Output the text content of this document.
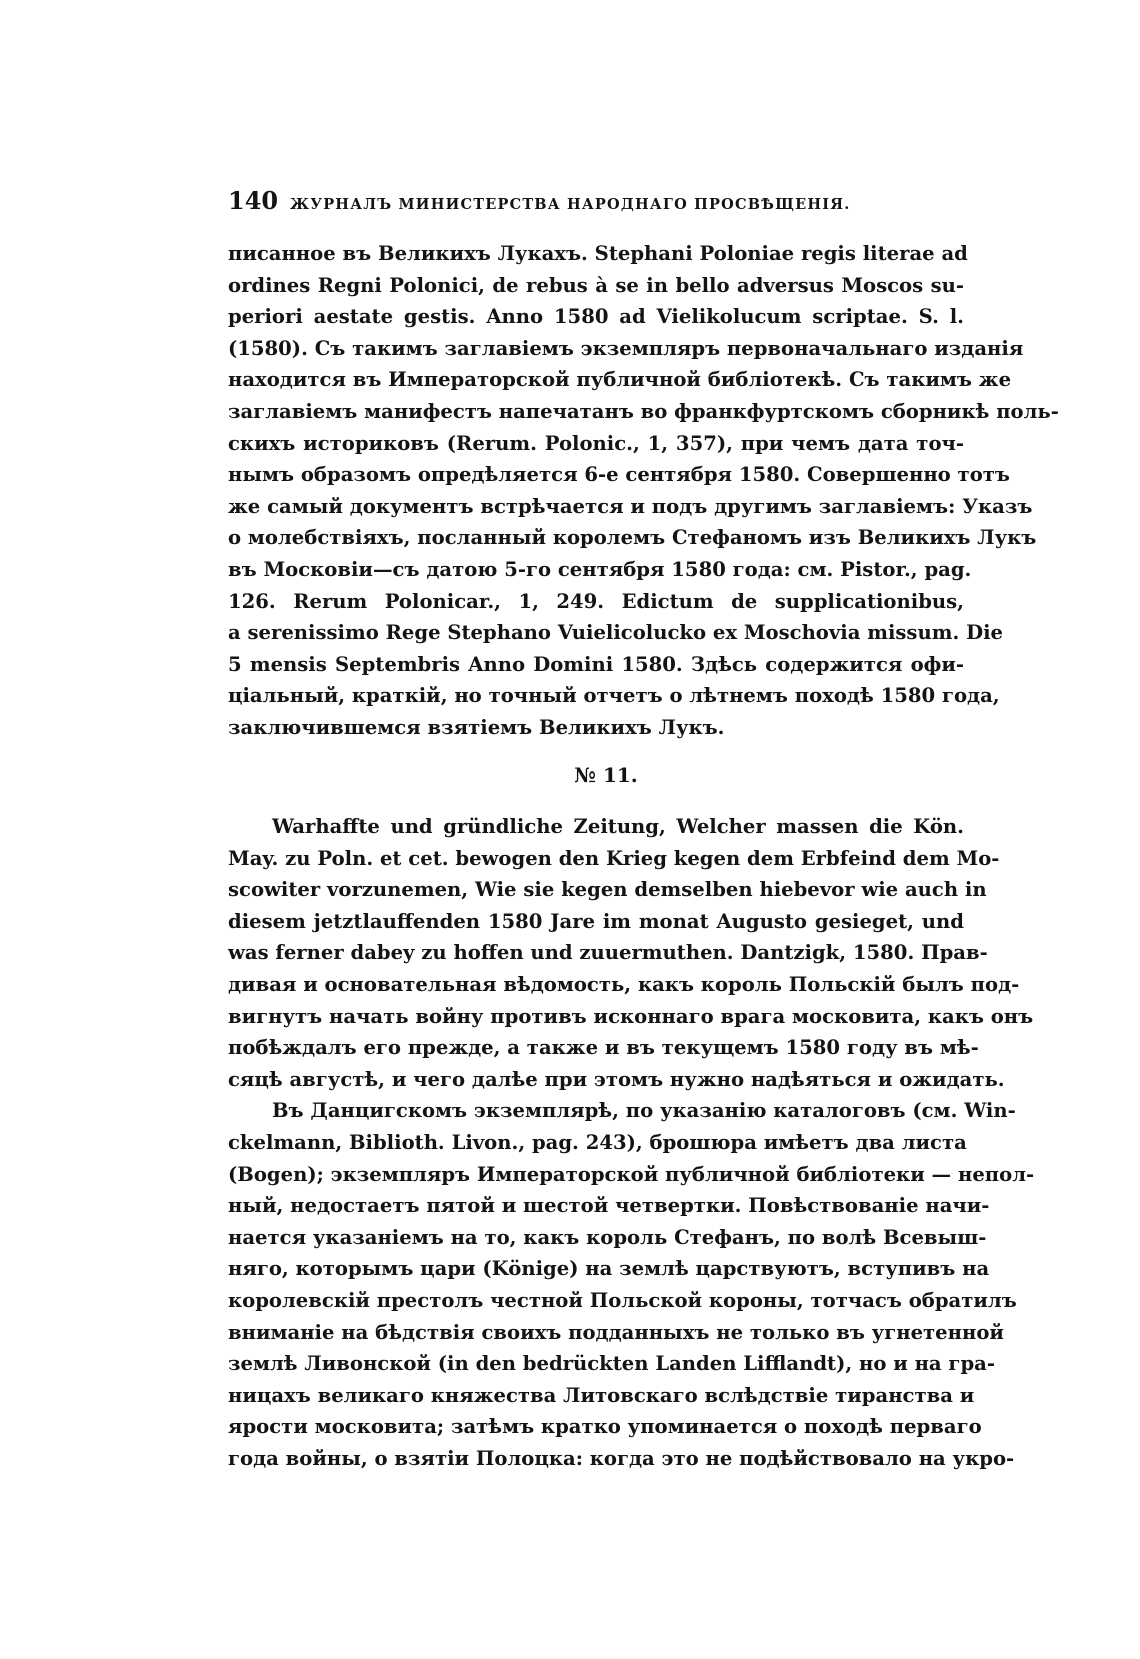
140 ЖУРНАЛЪ МИНИСТЕРСТВА НАРОДНАГО ПРОСВѢЩЕНІЯ.
писанное въ Великихъ Лукахъ. Stephani Poloniae regis literae ad
ordines Regni Polonici, de rebus à se in bello adversus Moscos su-
periori aestate gestis. Anno 1580 ad Vielikolucum scriptae. S. l.
(1580). Съ такимъ заглавіемъ экземпляръ первоначальнаго изданія
находится въ Императорской публичной библіотекѣ. Съ такимъ же
заглавіемъ манифестъ напечатанъ во франкфуртскомъ сборникѣ поль-
скихъ историковъ (Rerum. Polonic., 1, 357), при чемъ дата точ-
нымъ образомъ опредѣляется 6-е сентября 1580. Совершенно тотъ
же самый документъ встрѣчается и подъ другимъ заглавіемъ: Указъ
о молебствіяхъ, посланный королемъ Стефаномъ изъ Великихъ Лукъ
въ Московіи—съ датою 5-го сентября 1580 года: см. Pistor., pag.
126. Rerum Polonicar., 1, 249. Edictum de supplicationibus,
a serenissimo Rege Stephano Vuielicolucko ex Moschovia missum. Die
5 mensis Septembris Anno Domini 1580. Здѣсь содержится офи-
ціальный, краткій, но точный отчетъ о лѣтнемъ походѣ 1580 года,
заключившемся взятіемъ Великихъ Лукъ.
№ 11.
Warhaffte und gründliche Zeitung, Welcher massen die Kön.
May. zu Poln. et cet. bewogen den Krieg kegen dem Erbfeind dem Mo-
scowiter vorzunemen, Wie sie kegen demselben hiebevor wie auch in
diesem jetztlauffenden 1580 Jare im monat Augusto gesieget, und
was ferner dabey zu hoffen und zuuermuthen. Dantzigk, 1580. Прав-
дивая и основательная вѣдомость, какъ король Польскій былъ под-
вигнутъ начать войну противъ исконнаго врага московита, какъ онъ
побѣждалъ его прежде, а также и въ текущемъ 1580 году въ мѣ-
сяцѣ августѣ, и чего далѣе при этомъ нужно надѣяться и ожидать.
Въ Данцигскомъ экземплярѣ, по указанію каталоговъ (см. Win-
ckelmann, Biblioth. Livon., pag. 243), брошюра имѣетъ два листа
(Bogen); экземпляръ Императорской публичной библіотеки — непол-
ный, недостаетъ пятой и шестой четвертки. Повѣствованіе начи-
нается указаніемъ на то, какъ король Стефанъ, по волѣ Всевыш-
няго, которымъ цари (Könige) на землѣ царствуютъ, вступивъ на
королевскій престолъ честной Польской короны, тотчасъ обратилъ
вниманіе на бѣдствія своихъ подданныхъ не только въ угнетенной
землѣ Ливонской (in den bedrückten Landen Lifflandt), но и на гра-
ницахъ великаго княжества Литовскаго вслѣдствіе тиранства и
ярости московита; затѣмъ кратко упоминается о походѣ перваго
года войны, о взятіи Полоцка: когда это не подѣйствовало на укро-
